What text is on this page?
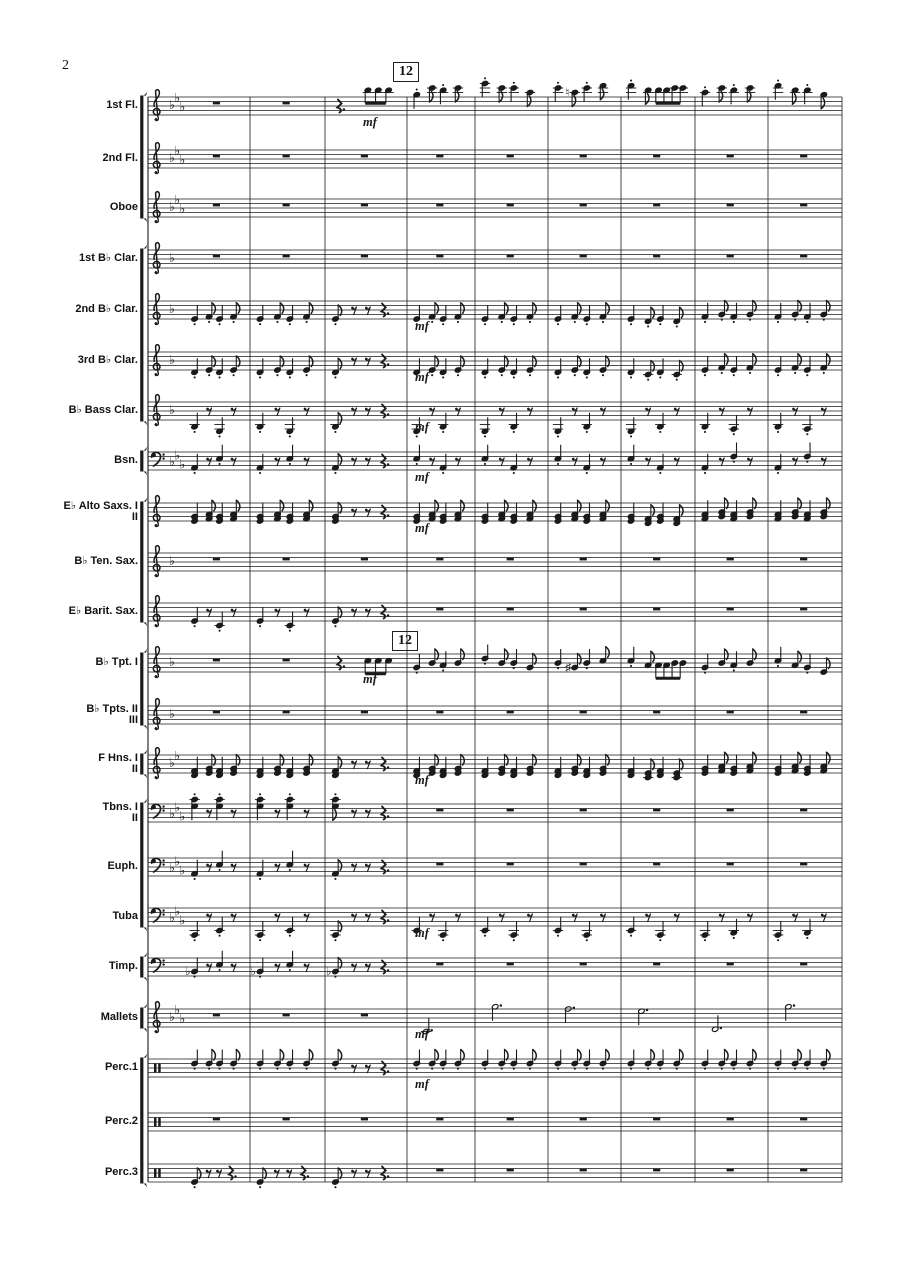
2	12
12
♭ ♭
♭
♮
mf
♭ ♭
♭
♭ ♭
♭
♭
♭
mf
♭
mf
♭
mf
♭ ♭
♭
mf
mf
♭
♭	♯
mf
♭
♭ ♭
mf
♭ ♭
♭
♭ ♭
♭
♭ ♭
♭
mf
♭	♭	♭
♭ ♭
♭
mf
mf
1st Fl.
2nd Fl.
Oboe
1st B♭ Clar.
2nd B♭ Clar.
3rd B♭ Clar.
B♭ Bass Clar.
Bsn.
E♭ Alto Saxs. I
II
B♭ Ten. Sax.
E♭ Barit. Sax.
B♭ Tpt. I
B♭ Tpts. II
III
F Hns. I
II
Tbns. I
II
Euph.
Tuba
Timp.
Mallets
Perc.1
Perc.2
Perc.3
